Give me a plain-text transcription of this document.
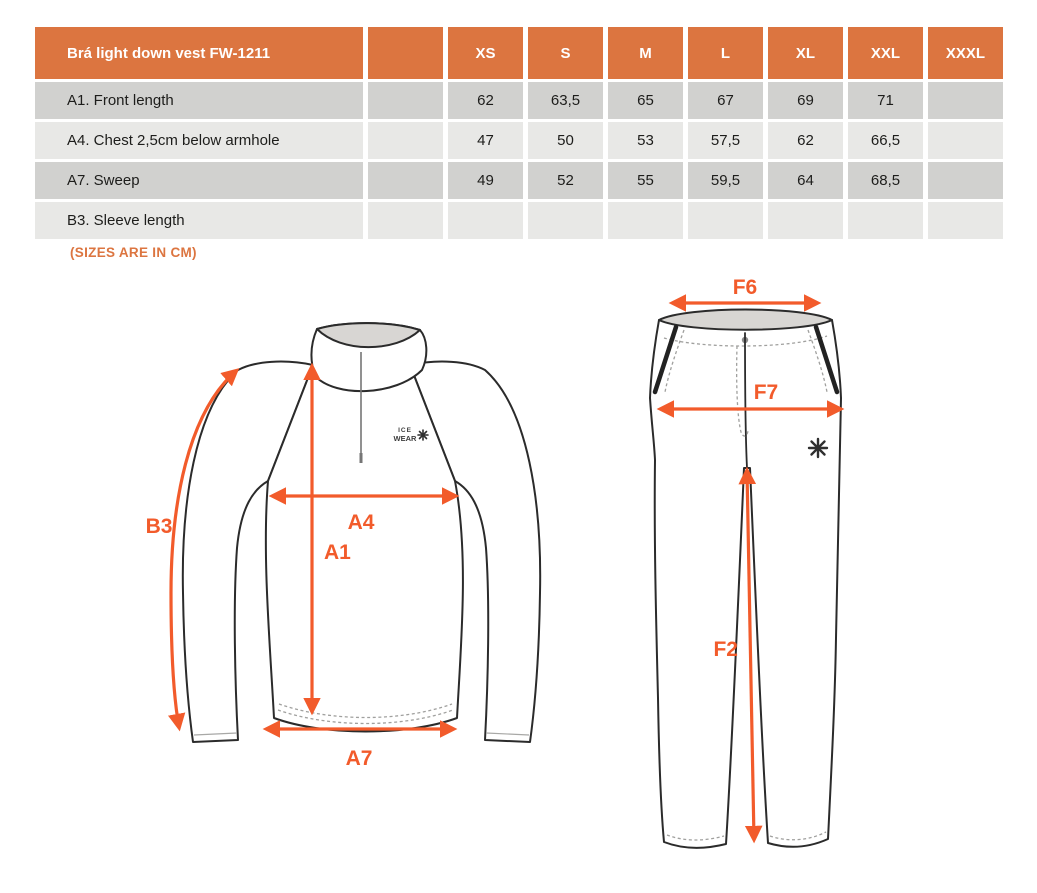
Brá light down vest FW-1211	XS	S	M	L	XL	XXL	XXXL
A1. Front length	62	63,5	65	67	69	71
A4. Chest 2,5cm below armhole	47	50	53	57,5	62	66,5
A7. Sweep	49	52	55	59,5	64	68,5
B3. Sleeve length
(SIZES ARE IN CM)
ICE
WEAR
B3	A4
A1
A7
F6
F7
F2
